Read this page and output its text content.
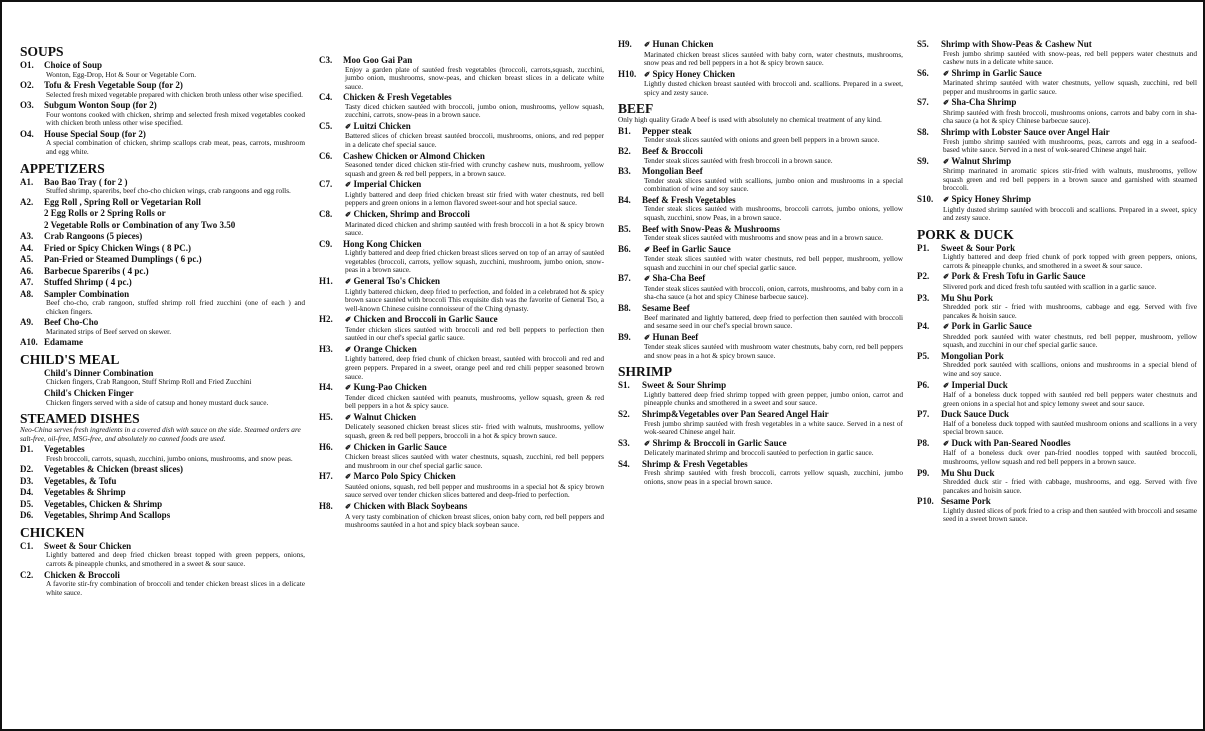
SOUPS
O1. Choice of Soup
Wonton, Egg-Drop, Hot & Sour or Vegetable Corn.
O2. Tofu & Fresh Vegetable Soup (for 2)
Selected fresh mixed vegetable prepared with chicken broth unless other wise specified.
O3. Subgum Wonton Soup (for 2)
Four wontons cooked with chicken, shrimp and selected fresh mixed vegetables cooked with chicken broth unless other wise specified.
O4. House Special Soup (for 2)
A special combination of chicken, shrimp scallops crab meat, peas, carrots, mushroom and egg white.
APPETIZERS
A1. Bao Bao Tray ( for 2 )
Stuffed shrimp, spareribs, beef cho-cho chicken wings, crab rangoons and egg rolls.
A2. Egg Roll , Spring Roll or Vegetarian Roll
2 Egg Rolls or 2 Spring Rolls or
2 Vegetable Rolls or Combination of any Two 3.50
A3. Crab Rangoons (5 pieces)
A4. Fried or Spicy Chicken Wings ( 8 PC.)
A5. Pan-Fried or Steamed Dumplings ( 6 pc.)
A6. Barbecue Spareribs ( 4 pc.)
A7. Stuffed Shrimp ( 4 pc.)
A8. Sampler Combination
Beef cho-cho, crab rangoon, stuffed shrimp roll fried zucchini (one of each ) and chicken fingers.
A9. Beef Cho-Cho
Marinated strips of Beef served on skewer.
A10. Edamame
CHILD'S MEAL
Child's Dinner Combination
Chicken fingers, Crab Rangoon, Stuff Shrimp Roll and Fried Zucchini
Child's Chicken Finger
Chicken fingers served with a side of catsup and honey mustard duck sauce.
STEAMED DISHES
Neo-China serves fresh ingredients in a covered dish with sauce on the side. Steamed orders are salt-free, oil-free, MSG-free, and absolutely no canned foods are used.
D1. Vegetables
Fresh broccoli, carrots, squash, zucchini, jumbo onions, mushrooms, and snow peas.
D2. Vegetables & Chicken (breast slices)
D3. Vegetables, & Tofu
D4. Vegetables & Shrimp
D5. Vegetables, Chicken & Shrimp
D6. Vegetables, Shrimp And Scallops
CHICKEN
C1. Sweet & Sour Chicken
Lightly battered and deep fried chicken breast topped with green peppers, onions, carrots & pineapple chunks, and smothered in a sweet & sour sauce.
C2. Chicken & Broccoli
A favorite stir-fry combination of broccoli and tender chicken breast slices in a delicate white sauce.
C3. Moo Goo Gai Pan
Enjoy a garden plate of sautéed fresh vegetables (broccoli, carrots,squash, zucchini, jumbo onion, mushrooms, snow-peas, and chicken breast slices in a delicate white sauce.
C4. Chicken & Fresh Vegetables
Tasty diced chicken sautéed with broccoli, jumbo onion, mushrooms, yellow squash, zucchini, carrots, snow-peas in a brown sauce.
C5. ✐ Luitzi Chicken
Battered slices of chicken breast sautéed broccoli, mushrooms, onions, and red pepper in a delicate chef special sauce.
C6. Cashew Chicken or Almond Chicken
Seasoned tender diced chicken stir-fried with crunchy cashew nuts, mushroom, yellow squash and green & red bell peppers, in a brown sauce.
C7. ✐ Imperial Chicken
Lightly battered and deep fried chicken breast stir fried with water chestnuts, red bell peppers and green onions in a lemon flavored sweet-sour and hot special sauce.
C8. ✐ Chicken, Shrimp and Broccoli
Marinated diced chicken and shrimp sautéed with fresh broccoli in a hot & spicy brown sauce.
C9. Hong Kong Chicken
Lightly battered and deep fried chicken breast slices served on top of an array of sautéed vegetables (broccoli, carrots, yellow squash, zucchini, mushroom, jumbo onion, snow-peas in a brown sauce.
H1. ✐ General Tso's Chicken
Lightly battered chicken, deep fried to perfection, and folded in a celebrated hot & spicy brown sauce sautéed with broccoli This exquisite dish was the favorite of General Tso, a well-known Chinese cuisine connoisseur of the Ching dynasty.
H2. ✐ Chicken and Broccoli in Garlic Sauce
Tender chicken slices sautéed with broccoli and red bell peppers to perfection then sautéed in our chef's special garlic sauce.
H3. ✐ Orange Chicken
Lightly battered, deep fried chunk of chicken breast, sautéed with broccoli and red and green peppers. Prepared in a sweet, orange peel and red chili pepper seasoned brown sauce.
H4. ✐ Kung-Pao Chicken
Tender diced chicken sautéed with peanuts, mushrooms, yellow squash, green & red bell peppers in a hot & spicy sauce.
H5. ✐ Walnut Chicken
Delicately seasoned chicken breast slices stir- fried with walnuts, mushrooms, yellow squash, green & red bell peppers, broccoli in a hot & spicy brown sauce.
H6. ✐ Chicken in Garlic Sauce
Chicken breast slices sautéed with water chestnuts, squash, zucchini, red bell peppers and mushroom in our chef special garlic sauce.
H7. ✐ Marco Polo Spicy Chicken
Sautéed onions, squash, red bell pepper and mushrooms in a special hot & spicy brown sauce served over tender chicken slices battered and deep-fried to perfection.
H8. ✐ Chicken with Black Soybeans
A very tasty combination of chicken breast slices, onion baby corn, red bell peppers and mushrooms sautéed in a hot and spicy black soybean sauce.
H9. ✐ Hunan Chicken
Marinated chicken breast slices sautéed with baby corn, water chestnuts, mushrooms, snow peas and red bell peppers in a hot & spicy brown sauce.
H10. ✐ Spicy Honey Chicken
Lightly dusted chicken breast sautéed with broccoli and. scallions. Prepared in a sweet, spicy and zesty sauce.
BEEF
Only high quality Grade A beef is used with absolutely no chemical treatment of any kind.
B1. Pepper steak
Tender steak slices sautéed with onions and green bell peppers in a brown sauce.
B2. Beef & Broccoli
Tender steak slices sautéed with fresh broccoli in a brown sauce.
B3. Mongolian Beef
Tender steak slices sautéed with scallions, jumbo onion and mushrooms in a special combination of wine and soy sauce.
B4. Beef & Fresh Vegetables
Tender steak slices sautéed with mushrooms, broccoli carrots, jumbo onions, yellow squash, zucchini, snow Peas, in a brown sauce.
B5. Beef with Snow-Peas & Mushrooms
Tender steak slices sautéed with mushrooms and snow peas and in a brown sauce.
B6. ✐ Beef in Garlic Sauce
Tender steak slices sautéed with water chestnuts, red bell pepper, mushroom, yellow squash and zucchini in our chef special garlic sauce.
B7. ✐ Sha-Cha Beef
Tender steak slices sautéed with broccoli, onion, carrots, mushrooms, and baby corn in a sha-cha sauce (a hot and spicy Chinese barbecue sauce).
B8. Sesame Beef
Beef marinated and lightly battered, deep fried to perfection then sautéed with broccoli and sesame seed in our chef's special brown sauce.
B9. ✐ Hunan Beef
Tender steak slices sautéed with mushroom water chestnuts, baby corn, red bell peppers and snow peas in a hot & spicy brown sauce.
SHRIMP
S1. Sweet & Sour Shrimp
Lightly battered deep fried shrimp topped with green pepper, jumbo onion, carrot and pineapple chunks and smothered in a sweet and sour sauce.
S2. Shrimp&Vegetables over Pan Seared Angel Hair
Fresh jumbo shrimp sautéed with fresh vegetables in a white sauce. Served in a nest of wok-seared Chinese angel hair.
S3. ✐ Shrimp & Broccoli in Garlic Sauce
Delicately marinated shrimp and broccoli sautéed to perfection in garlic sauce.
S4. Shrimp & Fresh Vegetables
Fresh shrimp sautéed with fresh broccoli, carrots yellow squash, zucchini, jumbo onions, snow peas in a special brown sauce.
S5. Shrimp with Show-Peas & Cashew Nut
Fresh jumbo shrimp sautéed with snow-peas, red bell peppers water chestnuts and cashew nuts in a delicate white sauce.
S6. ✐ Shrimp in Garlic Sauce
Marinated shrimp sautéed with water chestnuts, yellow squash, zucchini, red bell pepper and mushrooms in garlic sauce.
S7. ✐ Sha-Cha Shrimp
Shrimp sautéed with fresh broccoli, mushrooms onions, carrots and baby corn in sha-cha sauce (a hot & spicy Chinese barbecue sauce).
S8. Shrimp with Lobster Sauce over Angel Hair
Fresh jumbo shrimp sautéed with mushrooms, peas, carrots and egg in a seafood-based white sauce. Served in a nest of wok-seared Chinese angel hair.
S9. ✐ Walnut Shrimp
Shrimp marinated in aromatic spices stir-fried with walnuts, mushrooms, yellow squash green and red bell peppers in a brown sauce and garnished with steamed broccoli.
S10. ✐ Spicy Honey Shrimp
Lightly dusted shrimp sautéed with broccoli and scallions. Prepared in a sweet, spicy and zesty sauce.
PORK & DUCK
P1. Sweet & Sour Pork
Lightly battered and deep fried chunk of pork topped with green peppers, onions, carrots & pineapple chunks, and smothered in a sweet & sour sauce.
P2. ✐ Pork & Fresh Tofu in Garlic Sauce
Slivered pork and diced fresh tofu sautéed with scallion in a garlic sauce.
P3. Mu Shu Pork
Shredded pork stir - fried with mushrooms, cabbage and egg. Served with five pancakes & hoisin sauce.
P4. ✐ Pork in Garlic Sauce
Shredded pork sautéed with water chestnuts, red bell pepper, mushroom, yellow squash, and zucchini in our chef special garlic sauce.
P5. Mongolian Pork
Shredded pork sautéed with scallions, onions and mushrooms in a special blend of wine and soy sauce.
P6. ✐ Imperial Duck
Half of a boneless duck topped with sautéed red bell peppers water chestnuts and green onions in a special hot and spicy lemony sweet and sour sauce.
P7. Duck Sauce Duck
Half of a boneless duck topped with sautéed mushroom onions and scallions in a very special brown sauce.
P8. ✐ Duck with Pan-Seared Noodles
Half of a boneless duck over pan-fried noodles topped with sautéed broccoli, mushrooms, yellow squash and red bell peppers in a brown sauce.
P9. Mu Shu Duck
Shredded duck stir - fried with cabbage, mushrooms, and egg. Served with five pancakes and hoisin sauce.
P10. Sesame Pork
Lightly dusted slices of pork fried to a crisp and then sautéed with broccoli and sesame seed in a sweet brown sauce.
